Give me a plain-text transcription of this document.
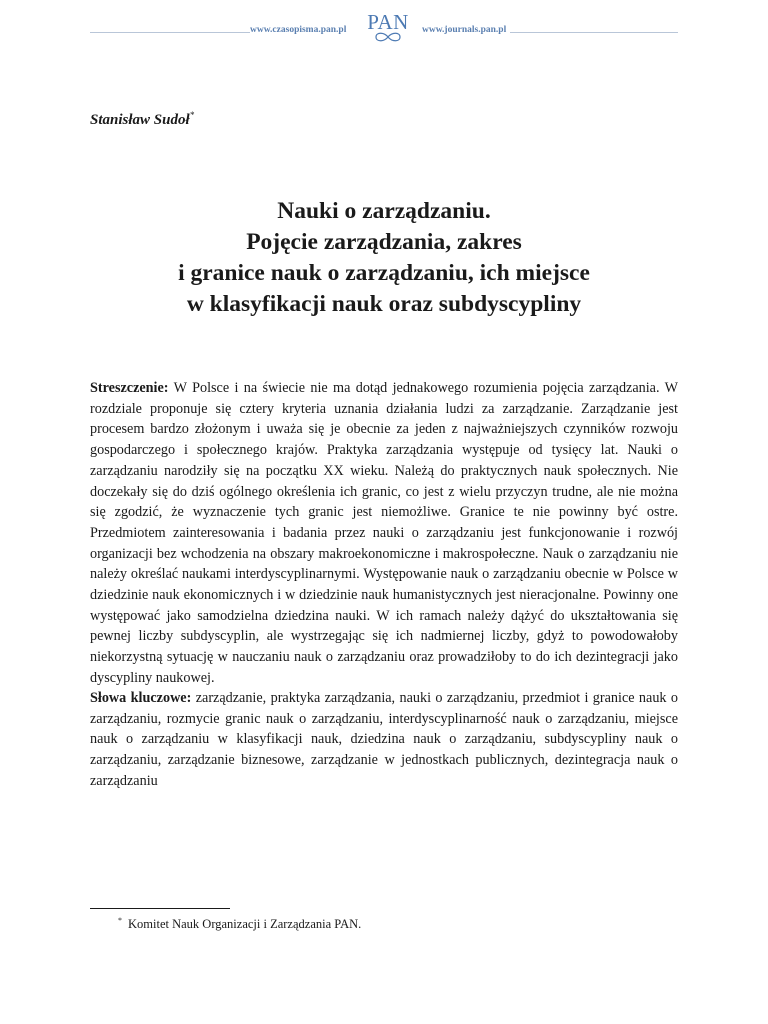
www.czasopisma.pan.pl PAN	www.journals.pan.pl
Stanisław Sudoł*
Nauki o zarządzaniu.
Pojęcie zarządzania, zakres
i granice nauk o zarządzaniu, ich miejsce
w klasyfikacji nauk oraz subdyscypliny
Streszczenie: W Polsce i na świecie nie ma dotąd jednakowego rozumienia pojęcia zarządzania. W rozdziale proponuje się cztery kryteria uznania działania ludzi za zarządzanie. Zarządzanie jest procesem bardzo złożonym i uważa się je obecnie za jeden z najważniejszych czynników rozwoju gospodarczego i społecznego krajów. Praktyka zarządzania występuje od tysięcy lat. Nauki o zarządzaniu narodziły się na początku XX wieku. Należą do praktycznych nauk społecznych. Nie doczekały się do dziś ogólnego określenia ich granic, co jest z wielu przyczyn trudne, ale nie można się zgodzić, że wyznaczenie tych granic jest niemożliwe. Granice te nie powinny być ostre. Przedmiotem zainteresowania i badania przez nauki o zarządzaniu jest funkcjonowanie i rozwój organizacji bez wchodzenia na obszary makroekonomiczne i makrospołeczne. Nauk o zarządzaniu nie należy określać naukami interdyscyplinarnymi. Występowanie nauk o zarządzaniu obecnie w Polsce w dziedzinie nauk ekonomicznych i w dziedzinie nauk humanistycznych jest nieracjonalne. Powinny one występować jako samodzielna dziedzina nauki. W ich ramach należy dążyć do ukształtowania się pewnej liczby subdyscyplin, ale wystrzegając się ich nadmiernej liczby, gdyż to powodowałoby niekorzystną sytuację w nauczaniu nauk o zarządzaniu oraz prowadziłoby to do ich dezintegracji jako dyscypliny naukowej.
Słowa kluczowe: zarządzanie, praktyka zarządzania, nauki o zarządzaniu, przedmiot i granice nauk o zarządzaniu, rozmycie granic nauk o zarządzaniu, interdyscyplinarność nauk o zarządzaniu, miejsce nauk o zarządzaniu w klasyfikacji nauk, dziedzina nauk o zarządzaniu, subdyscypliny nauk o zarządzaniu, zarządzanie biznesowe, zarządzanie w jednostkach publicznych, dezintegracja nauk o zarządzaniu
* Komitet Nauk Organizacji i Zarządzania PAN.
